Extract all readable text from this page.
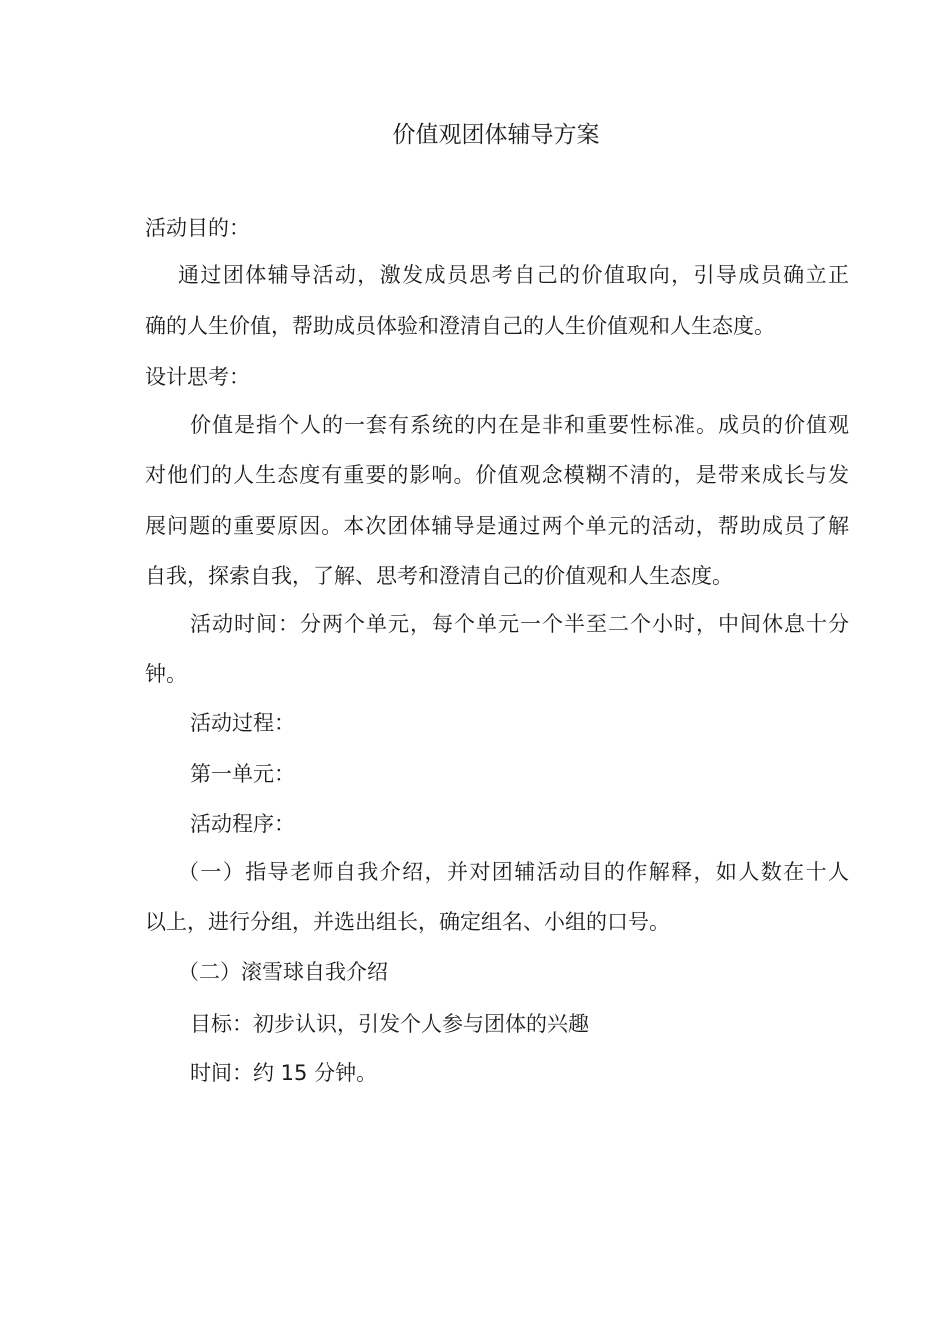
价值观团体辅导方案
活动目的：
通过团体辅导活动，激发成员思考自己的价值取向，引导成员确立正
确的人生价值，帮助成员体验和澄清自己的人生价值观和人生态度。
设计思考：
价值是指个人的一套有系统的内在是非和重要性标准。成员的价值观
对他们的人生态度有重要的影响。价值观念模糊不清的，是带来成长与发
展问题的重要原因。本次团体辅导是通过两个单元的活动，帮助成员了解
自我，探索自我，了解、思考和澄清自己的价值观和人生态度。
活动时间：分两个单元，每个单元一个半至二个小时，中间休息十分
钟。
活动过程：
第一单元：
活动程序：
（一）指导老师自我介绍，并对团辅活动目的作解释，如人数在十人
以上，进行分组，并选出组长，确定组名、小组的口号。
（二）滚雪球自我介绍
目标：初步认识，引发个人参与团体的兴趣
时间：约 15 分钟。
